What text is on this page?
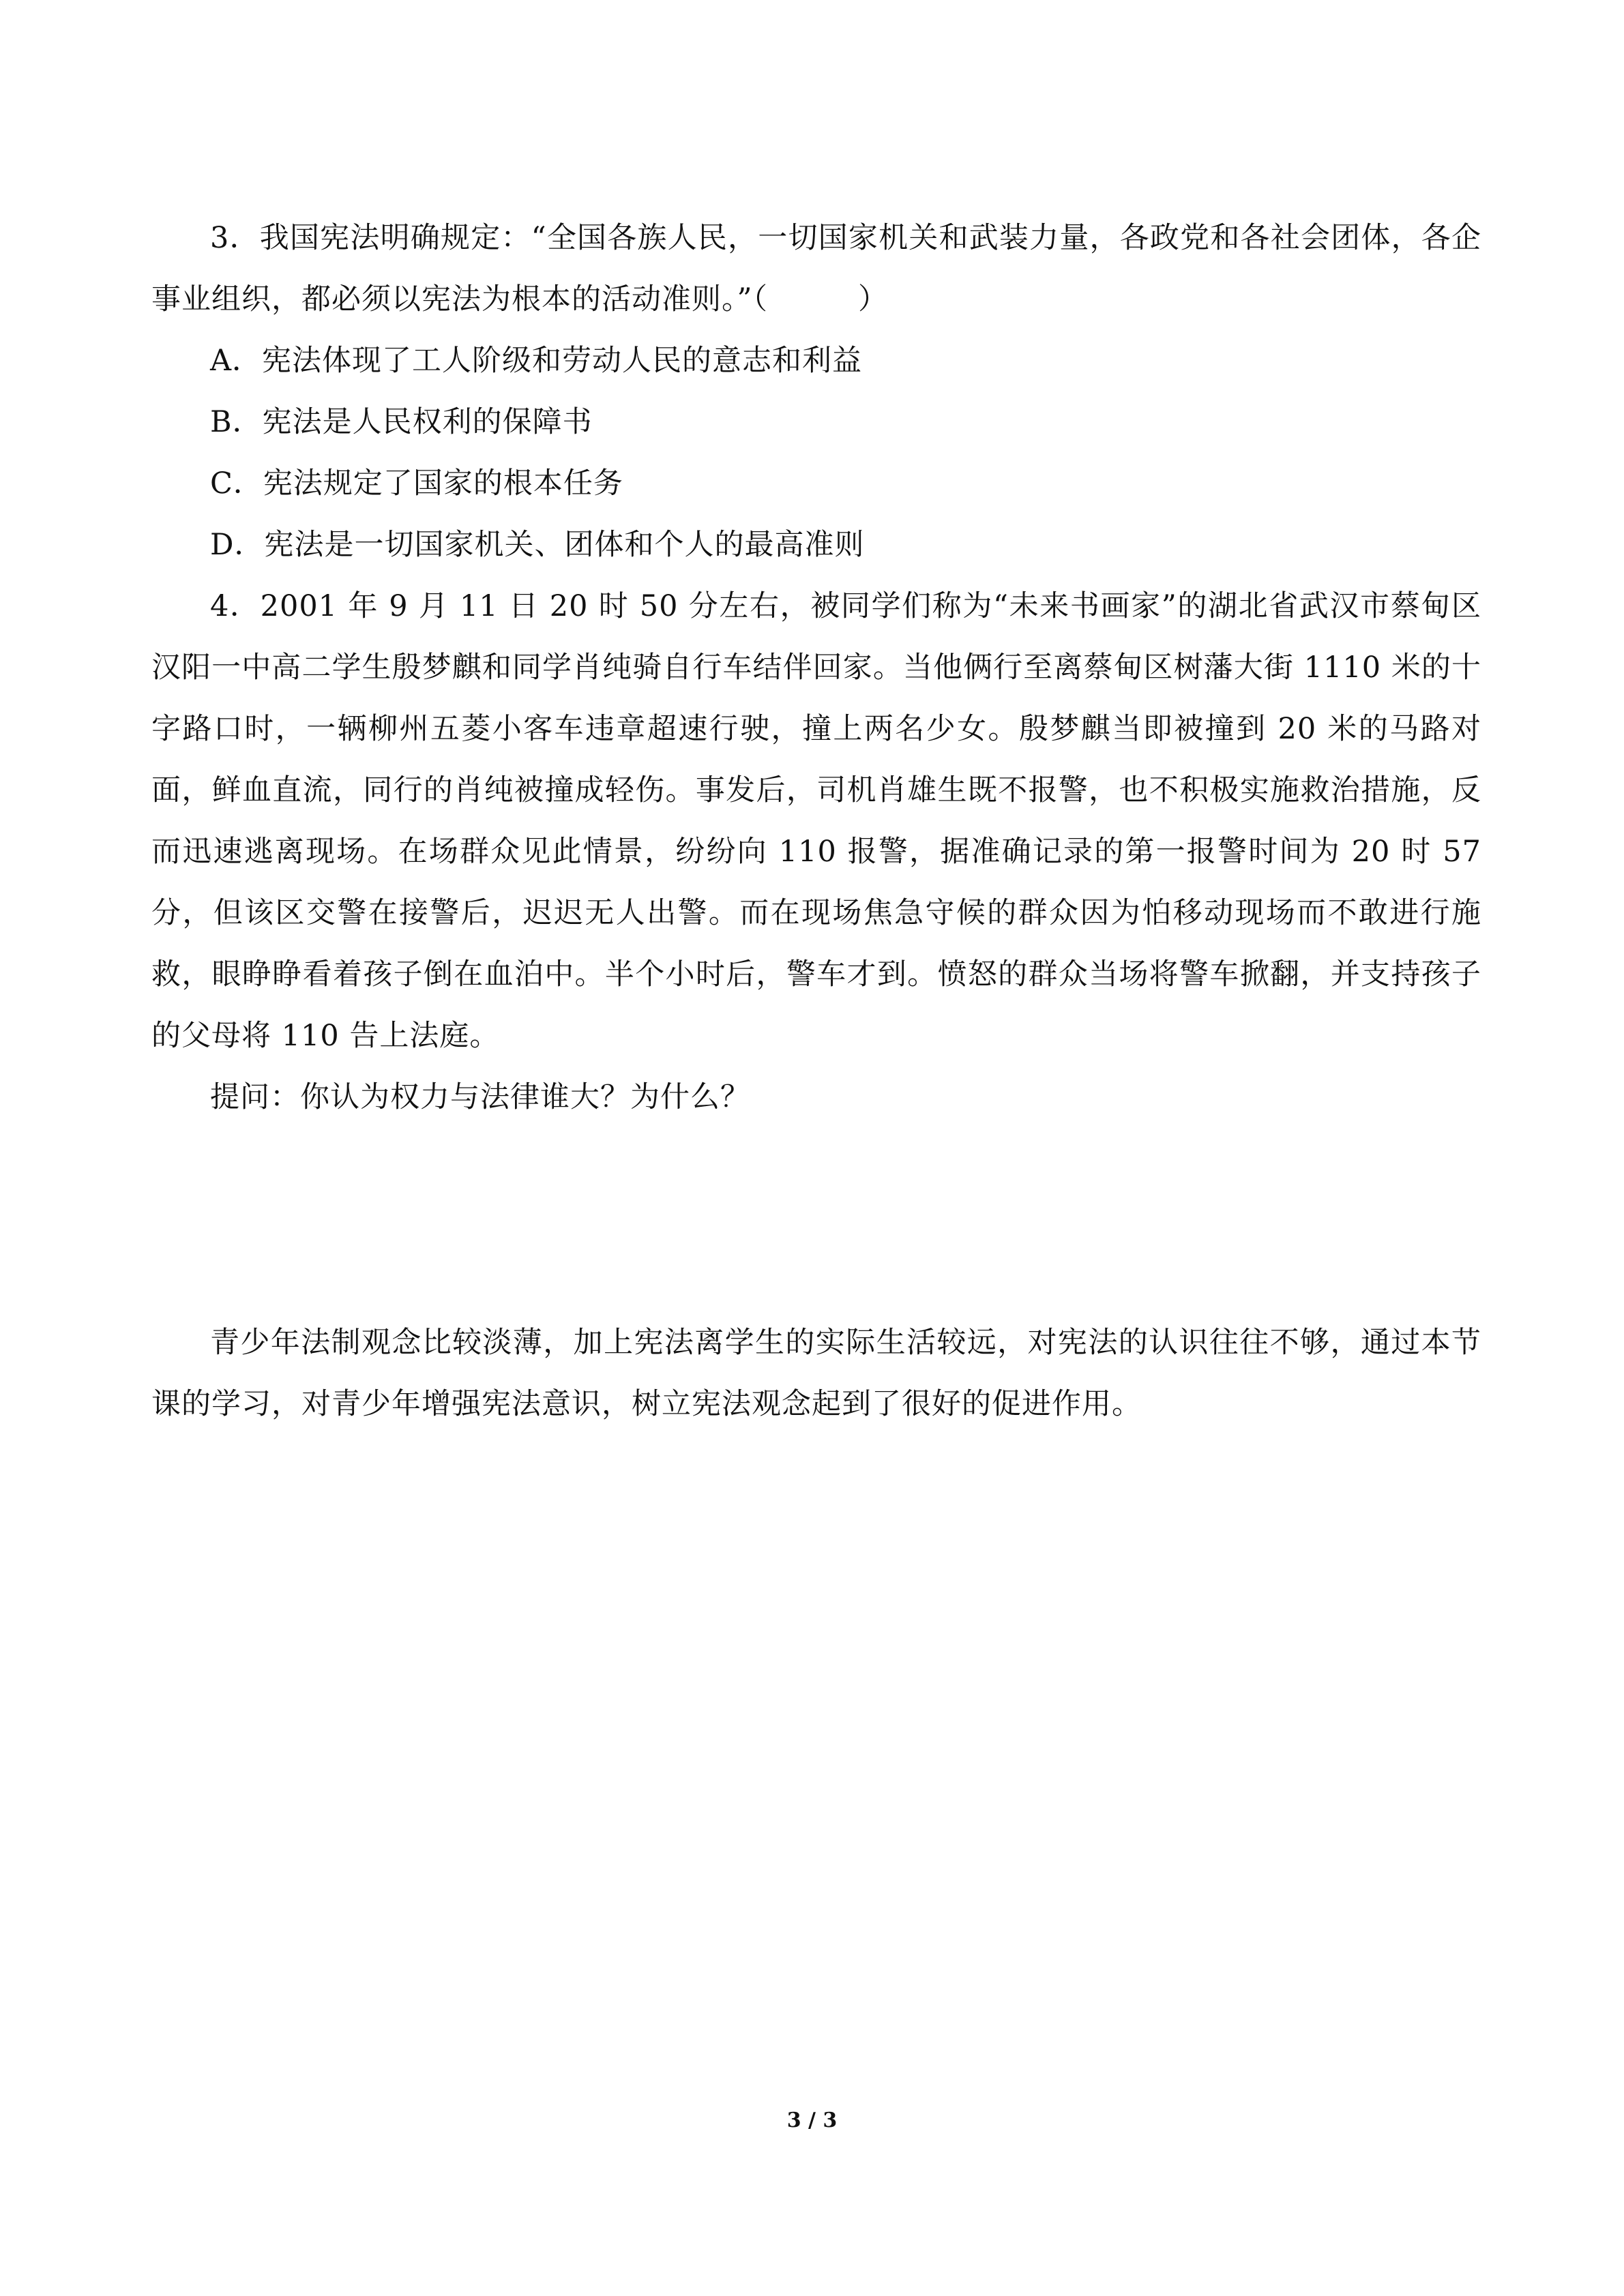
3．我国宪法明确规定：“全国各族人民，一切国家机关和武装力量，各政党和各社会团体，各企事业组织，都必须以宪法为根本的活动准则。”（　　　）

A．宪法体现了工人阶级和劳动人民的意志和利益

B．宪法是人民权利的保障书

C．宪法规定了国家的根本任务

D．宪法是一切国家机关、团体和个人的最高准则

4．2001 年 9 月 11 日 20 时 50 分左右，被同学们称为“未来书画家”的湖北省武汉市蔡甸区汉阳一中高二学生殷梦麒和同学肖纯骑自行车结伴回家。当他俩行至离蔡甸区树藩大街 1110 米的十字路口时，一辆柳州五菱小客车违章超速行驶，撞上两名少女。殷梦麒当即被撞到 20 米的马路对面，鲜血直流，同行的肖纯被撞成轻伤。事发后，司机肖雄生既不报警，也不积极实施救治措施，反而迅速逃离现场。在场群众见此情景，纷纷向 110 报警，据准确记录的第一报警时间为 20 时 57 分，但该区交警在接警后，迟迟无人出警。而在现场焦急守候的群众因为怕移动现场而不敢进行施救，眼睁睁看着孩子倒在血泊中。半个小时后，警车才到。愤怒的群众当场将警车掀翻，并支持孩子的父母将 110 告上法庭。

提问：你认为权力与法律谁大？为什么？

青少年法制观念比较淡薄，加上宪法离学生的实际生活较远，对宪法的认识往往不够，通过本节课的学习，对青少年增强宪法意识，树立宪法观念起到了很好的促进作用。

3 / 3
